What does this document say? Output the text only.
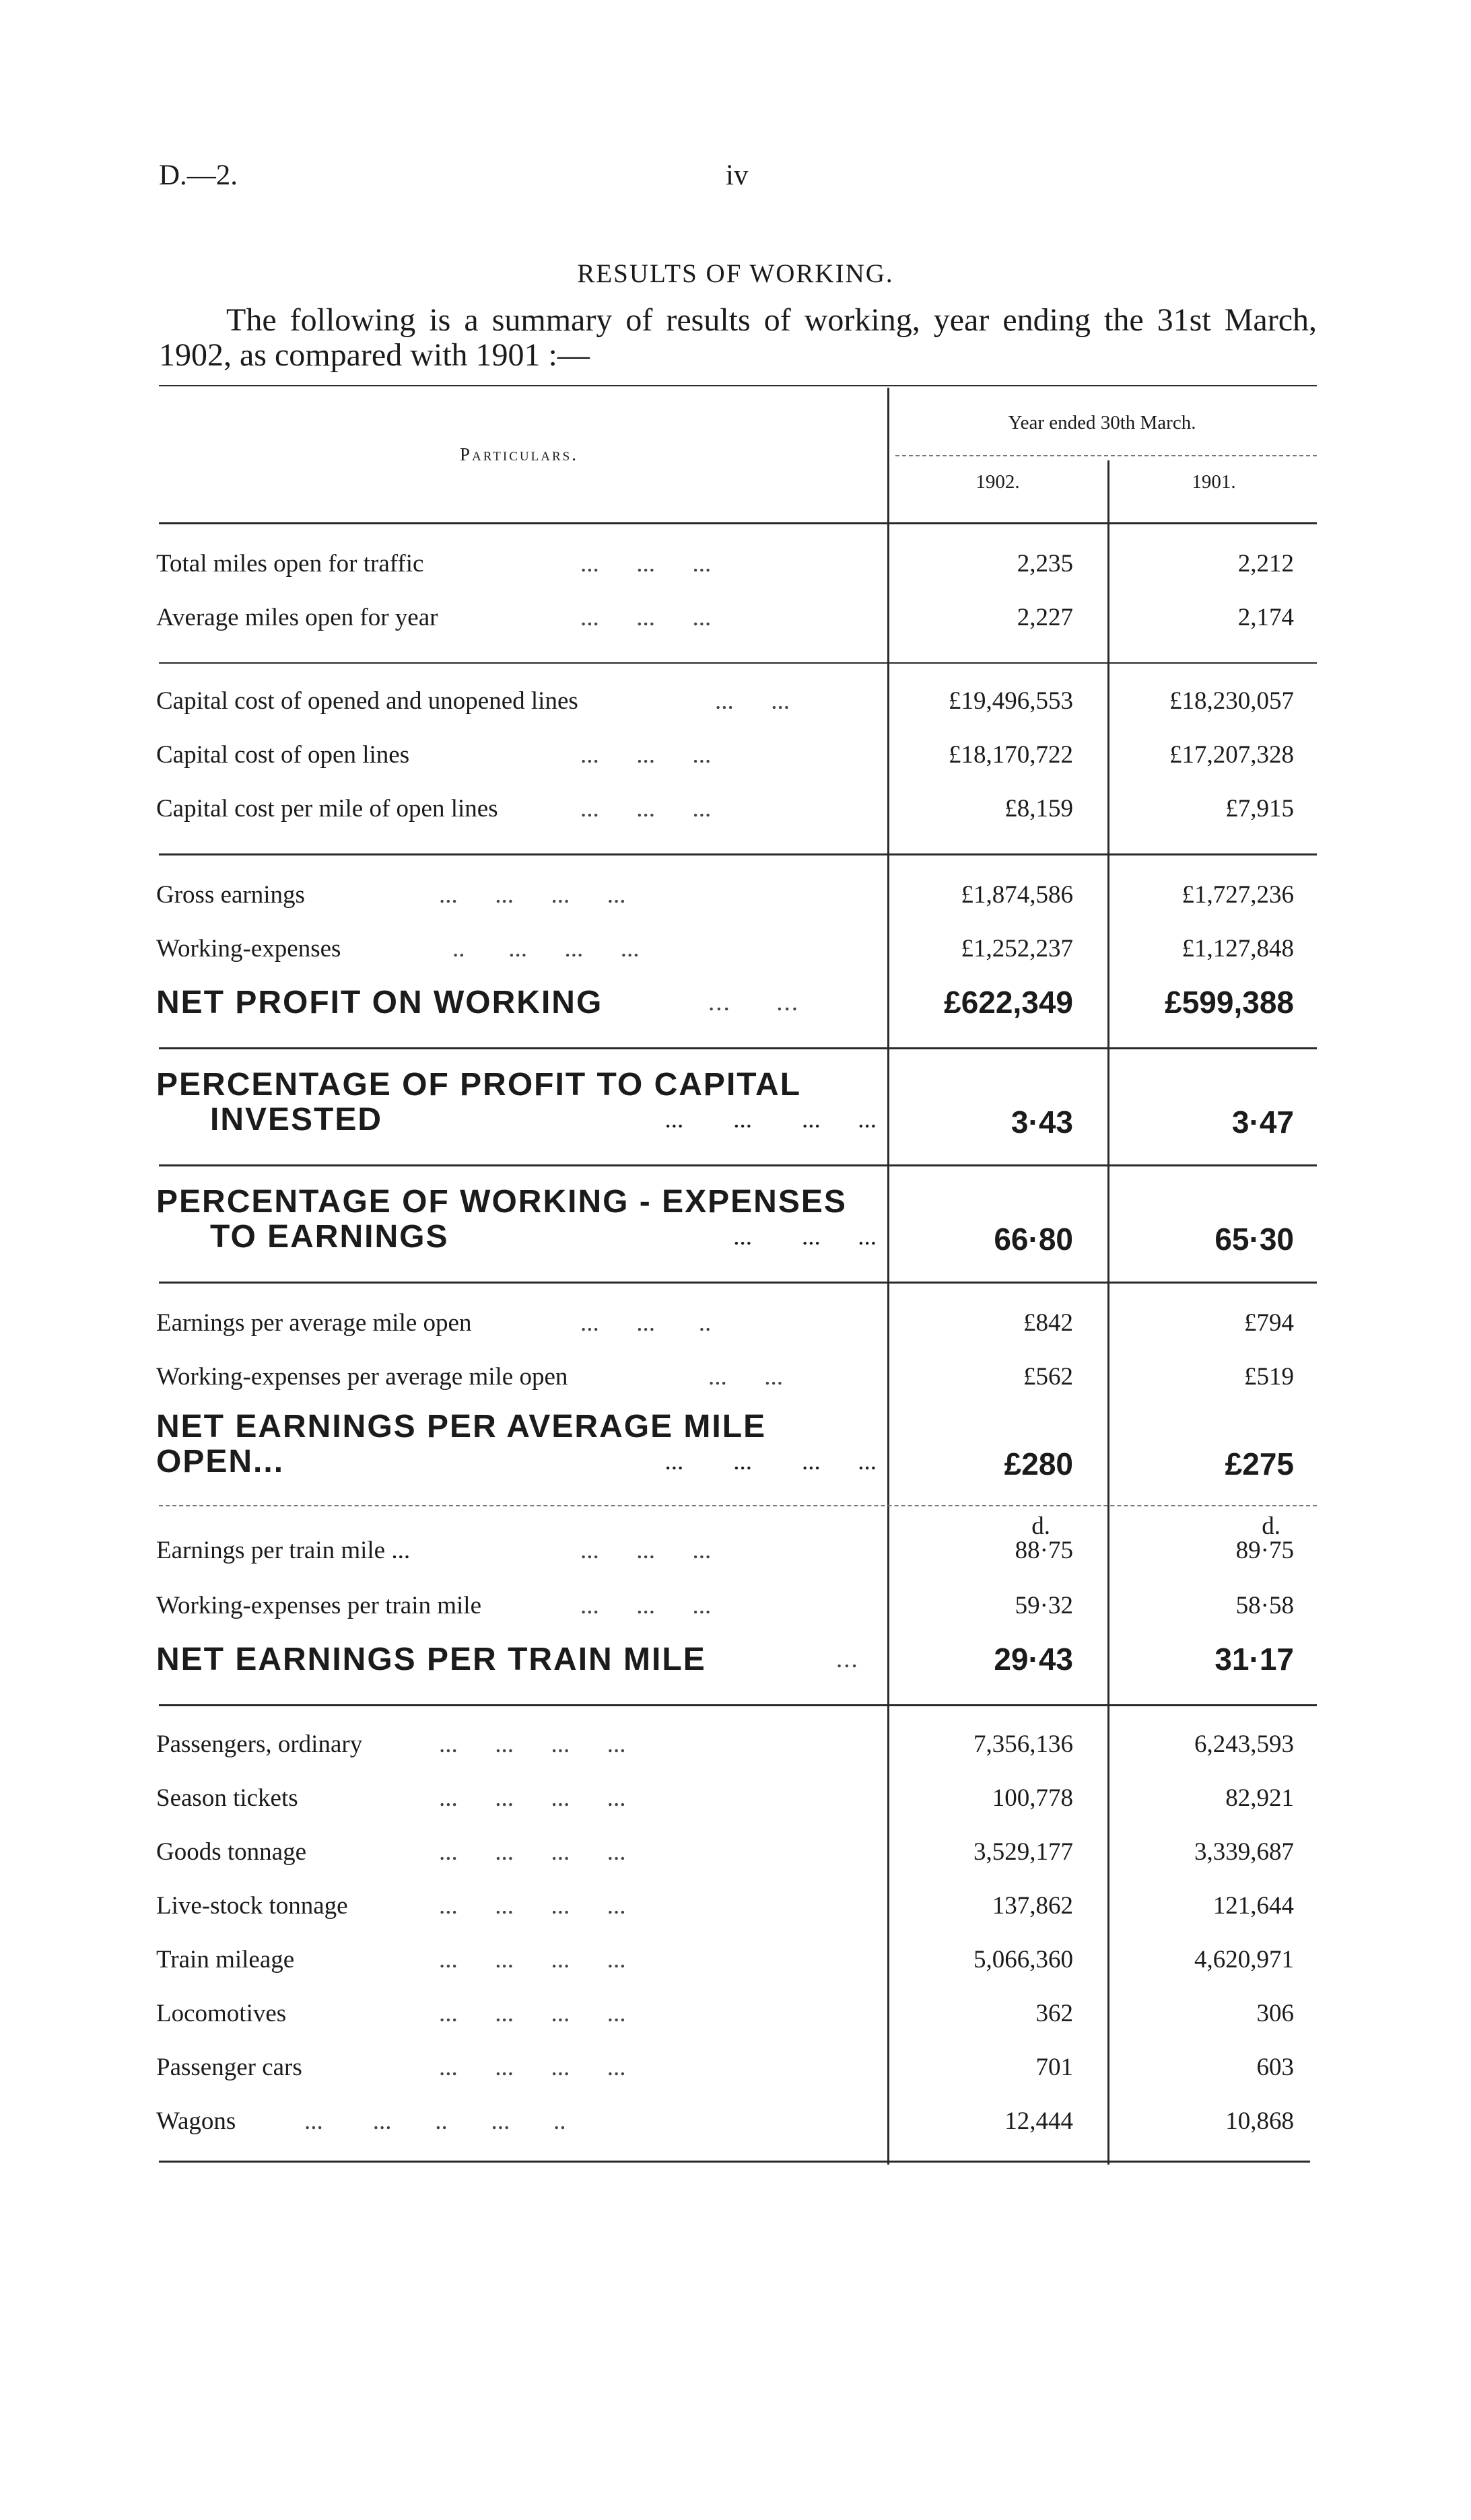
D.—2.	iv
RESULTS OF WORKING.

The following is a summary of results of working, year ending the 31st March, 1902, as compared with 1901 :—

Particulars.
Year ended 30th March.
1902.	1901.
Total miles open for traffic	...      ...      ...	2,235	2,212
Average miles open for year	...      ...      ...	2,227	2,174
Capital cost of opened and unopened lines	...      ...	£19,496,553	£18,230,057
Capital cost of open lines	...      ...      ...	£18,170,722	£17,207,328
Capital cost per mile of open lines	...      ...      ...	£8,159	£7,915
Gross earnings	...      ...      ...      ...	£1,874,586	£1,727,236
Working-expenses	..       ...      ...      ...	£1,252,237	£1,127,848
NET PROFIT ON WORKING	...      ...	£622,349	£599,388
PERCENTAGE OF PROFIT TO CAPITAL
INVESTED	...        ...        ...      ...	3·43	3·47
PERCENTAGE OF WORKING - EXPENSES
TO EARNINGS	...        ...      ...	66·80	65·30
Earnings per average mile open	...      ...       ..	£842	£794
Working-expenses per average mile open	...      ...	£562	£519
NET EARNINGS PER AVERAGE MILE
OPEN...	...        ...        ...      ...	£280	£275
d.	d.
Earnings per train mile ...	...      ...      ...	88·75	89·75
Working-expenses per train mile	...      ...      ...	59·32	58·58
NET EARNINGS PER TRAIN MILE	...	29·43	31·17
Passengers, ordinary	...      ...      ...      ...	7,356,136	6,243,593
Season tickets	...      ...      ...      ...	100,778	82,921
Goods tonnage	...      ...      ...      ...	3,529,177	3,339,687
Live-stock tonnage	...      ...      ...      ...	137,862	121,644
Train mileage	...      ...      ...      ...	5,066,360	4,620,971
Locomotives	...      ...      ...      ...	362	306
Passenger cars	...      ...      ...      ...	701	603
Wagons	...        ...       ..       ...       ..	12,444	10,868
